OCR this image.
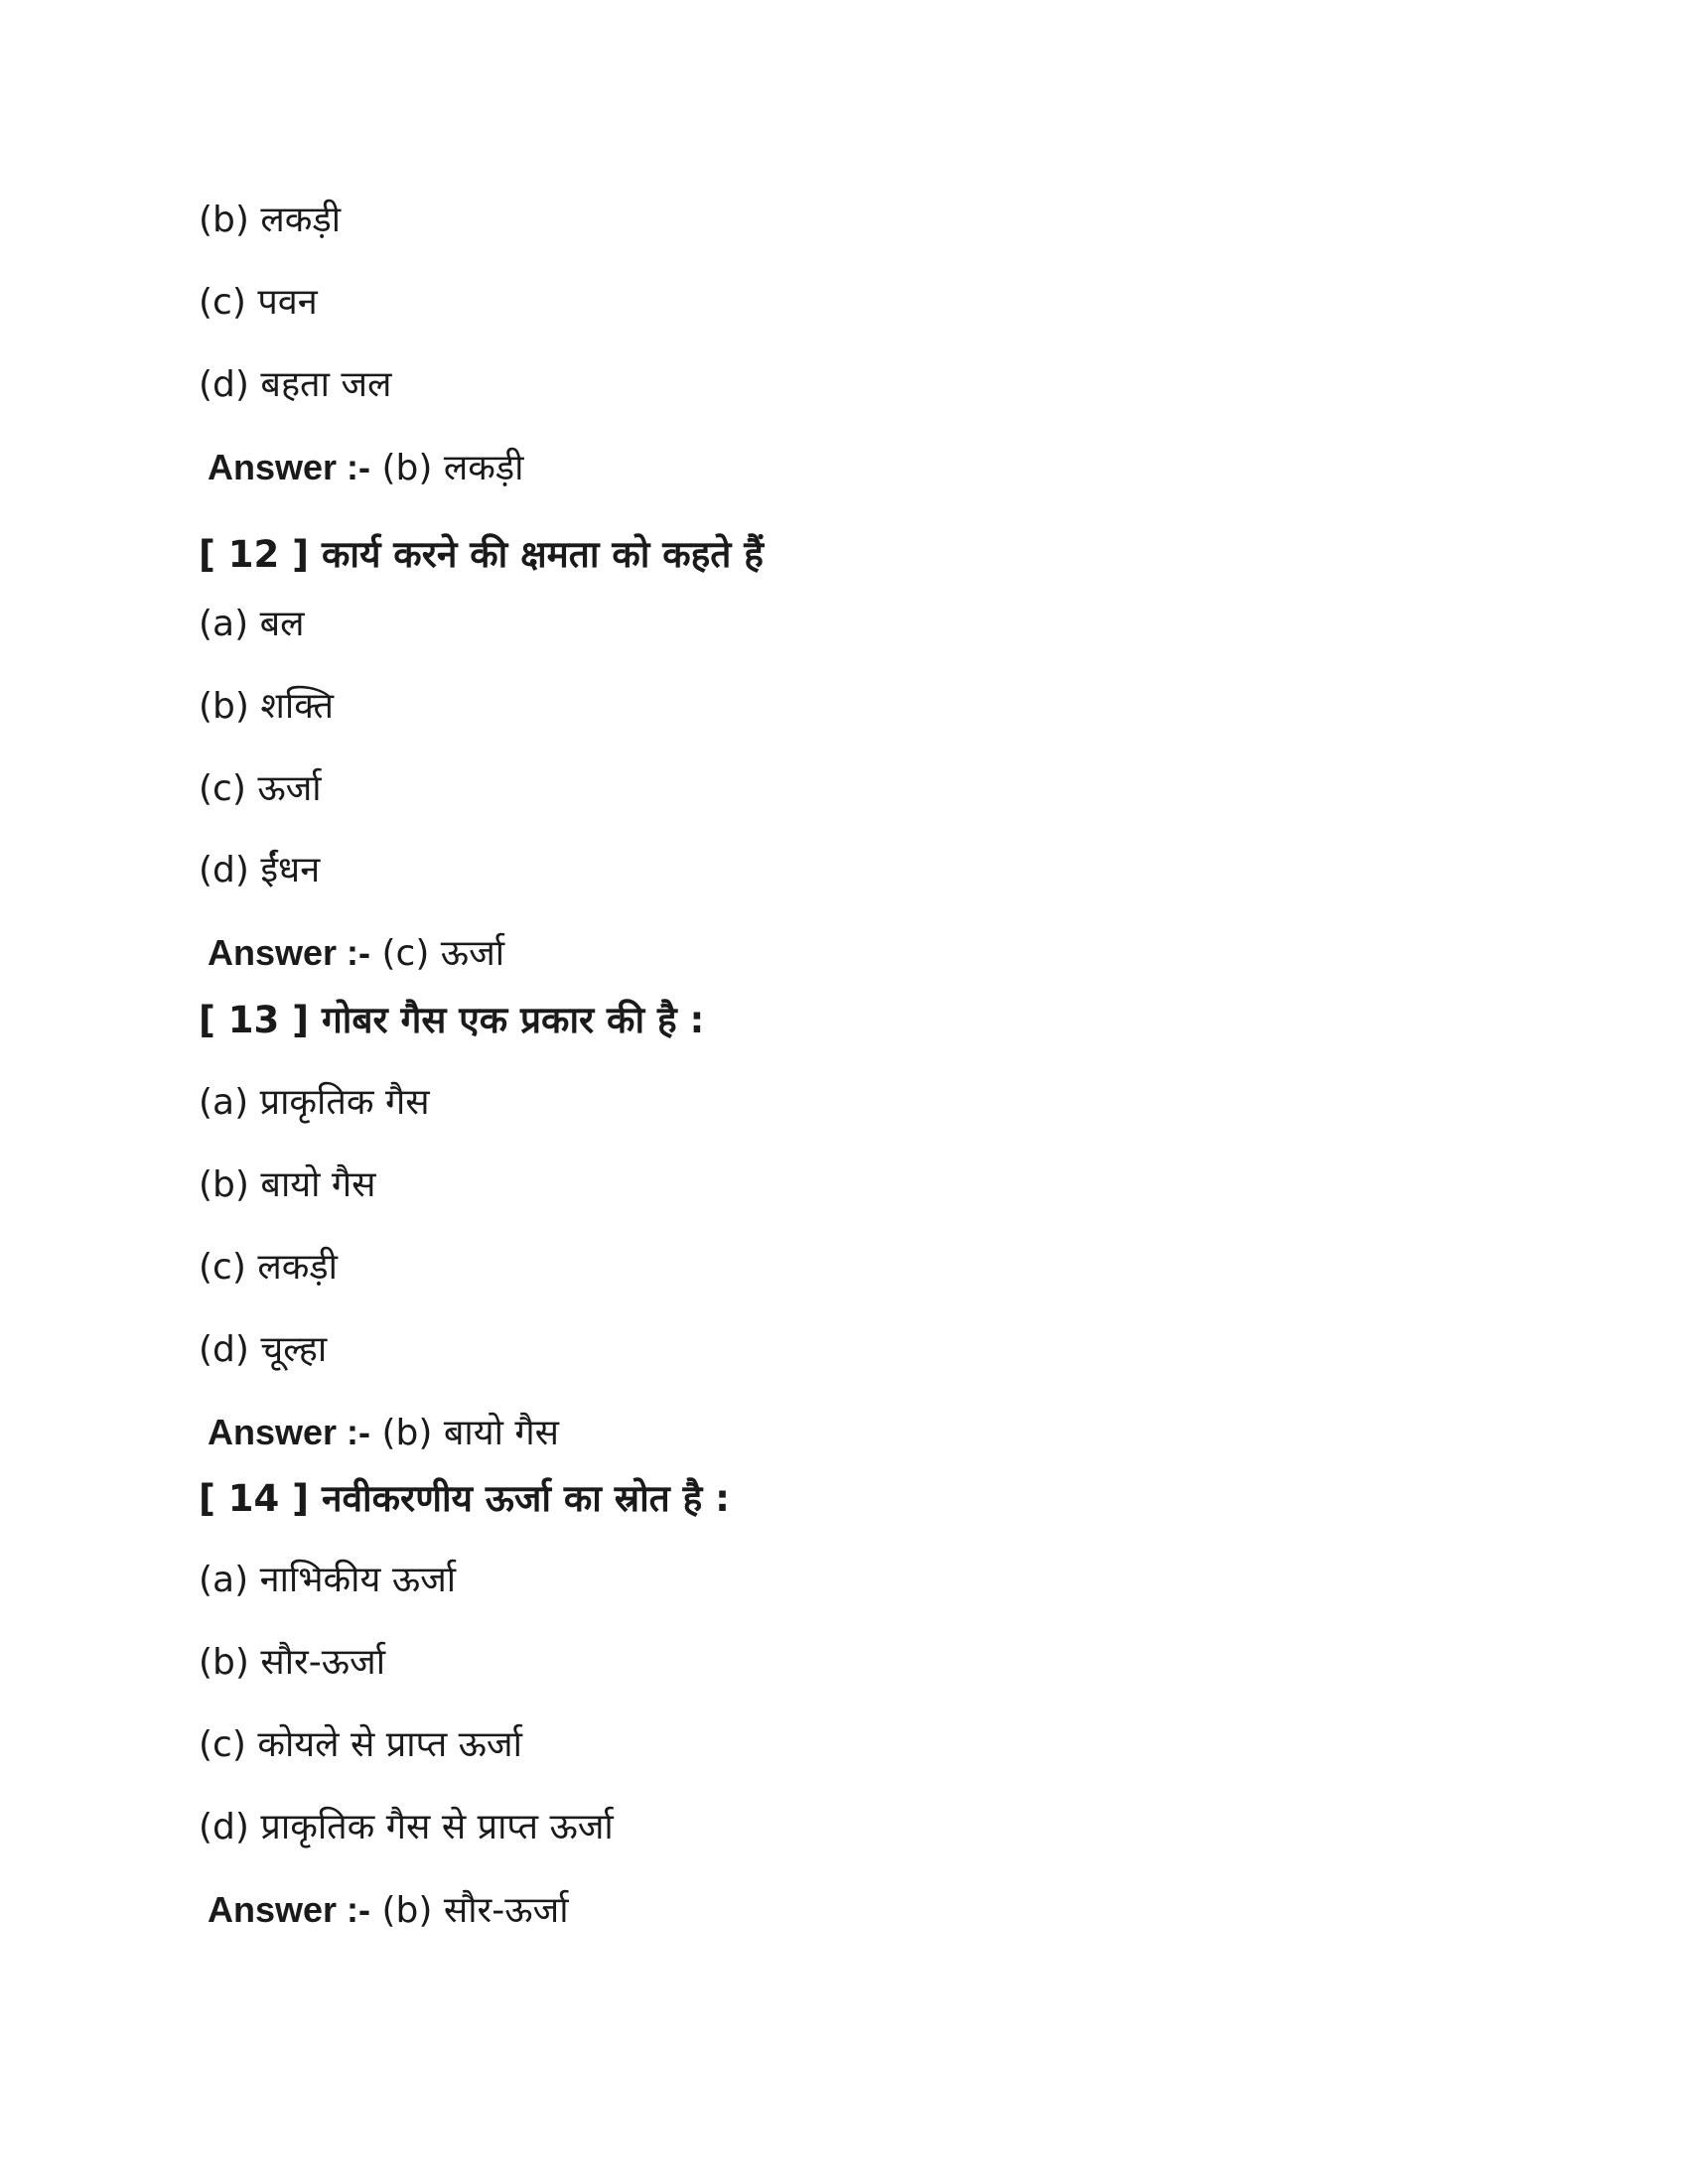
(b) लकड़ी
(c) पवन
(d) बहता जल
Answer :- (b) लकड़ी
[ 12 ] कार्य करने की क्षमता को कहते हैं
(a) बल
(b) शक्ति
(c) ऊर्जा
(d) ईंधन
Answer :- (c) ऊर्जा
[ 13 ] गोबर गैस एक प्रकार की है :
(a) प्राकृतिक गैस
(b) बायो गैस
(c) लकड़ी
(d) चूल्हा
Answer :- (b) बायो गैस
[ 14 ] नवीकरणीय ऊर्जा का स्रोत है :
(a) नाभिकीय ऊर्जा
(b) सौर-ऊर्जा
(c) कोयले से प्राप्त ऊर्जा
(d) प्राकृतिक गैस से प्राप्त ऊर्जा
Answer :- (b) सौर-ऊर्जा
